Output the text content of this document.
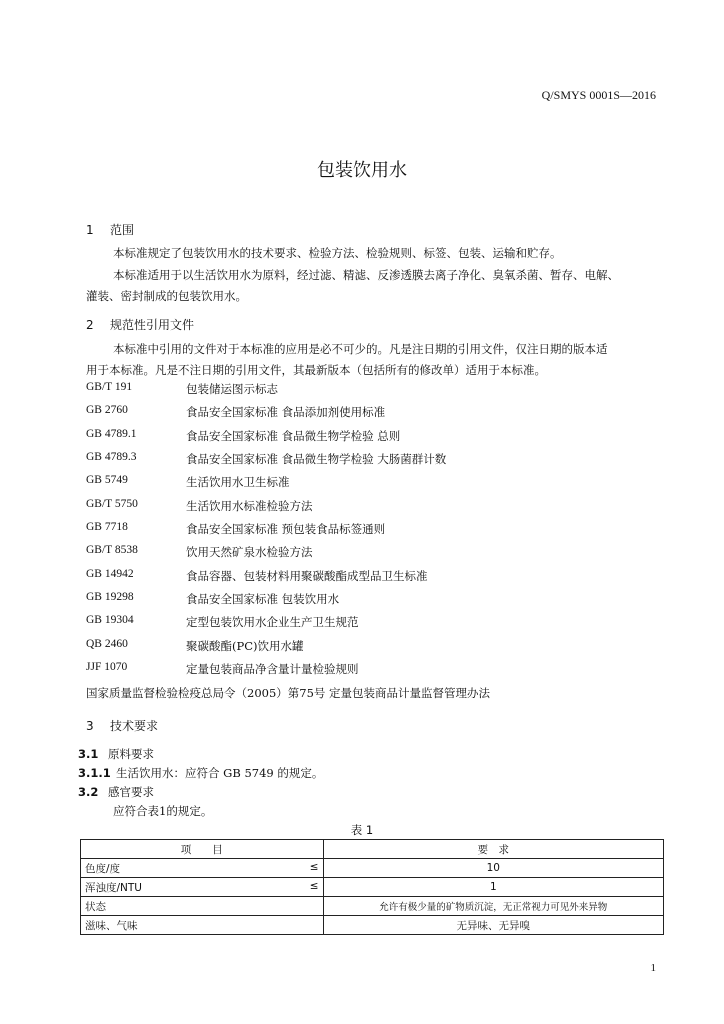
Q/SMYS 0001S—2016
包装饮用水
1 范围
本标准规定了包装饮用水的技术要求、检验方法、检验规则、标签、包装、运输和贮存。
本标准适用于以生活饮用水为原料，经过滤、精滤、反渗透膜去离子净化、臭氧杀菌、暂存、电解、
灌装、密封制成的包装饮用水。
2 规范性引用文件
本标准中引用的文件对于本标准的应用是必不可少的。凡是注日期的引用文件，仅注日期的版本适
用于本标准。凡是不注日期的引用文件，其最新版本（包括所有的修改单）适用于本标准。
GB/T 191	包装储运图示标志
GB 2760	食品安全国家标准 食品添加剂使用标准
GB 4789.1	食品安全国家标准 食品微生物学检验 总则
GB 4789.3	食品安全国家标准 食品微生物学检验 大肠菌群计数
GB 5749	生活饮用水卫生标准
GB/T 5750	生活饮用水标准检验方法
GB 7718	食品安全国家标准 预包装食品标签通则
GB/T 8538	饮用天然矿泉水检验方法
GB 14942	食品容器、包装材料用聚碳酸酯成型品卫生标准
GB 19298	食品安全国家标准 包装饮用水
GB 19304	定型包装饮用水企业生产卫生规范
QB 2460	聚碳酸酯(PC)饮用水罐
JJF 1070	定量包装商品净含量计量检验规则
国家质量监督检验检疫总局令（2005）第75号 定量包装商品计量监督管理办法
3 技术要求
3.1 原料要求
3.1.1 生活饮用水：应符合 GB 5749 的规定。
3.2 感官要求
应符合表1的规定。
表 1
项　　目	要　求

色度/度 ≤	10

浑浊度/NTU ≤	1

状态	允许有极少量的矿物质沉淀，无正常视力可见外来异物

滋味、气味	无异味、无异嗅
1
